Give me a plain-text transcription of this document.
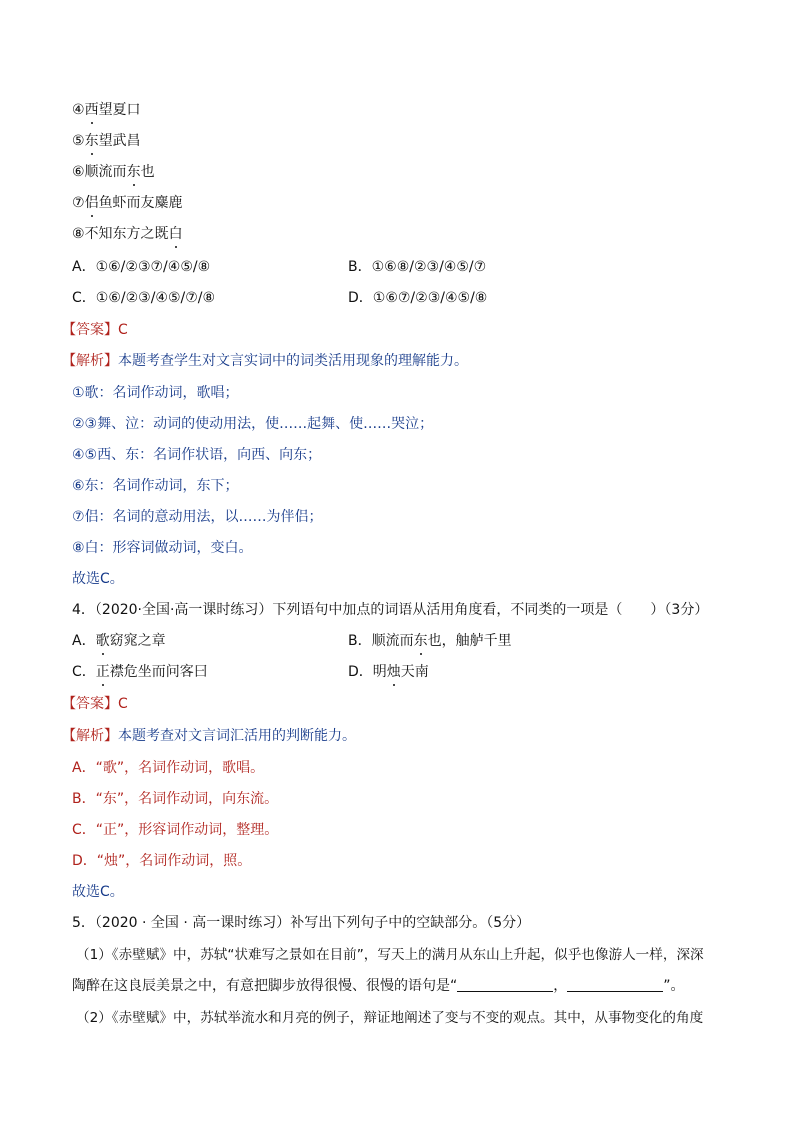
④西望夏口
⑤东望武昌
⑥顺流而东也
⑦侣鱼虾而友麋鹿
⑧不知东方之既白
A．①⑥/②③⑦/④⑤/⑧	B．①⑥⑧/②③/④⑤/⑦
C．①⑥/②③/④⑤/⑦/⑧	D．①⑥⑦/②③/④⑤/⑧
【答案】C
【解析】本题考查学生对文言实词中的词类活用现象的理解能力。
①歌：名词作动词，歌唱；
②③舞、泣：动词的使动用法，使……起舞、使……哭泣；
④⑤西、东：名词作状语，向西、向东；
⑥东：名词作动词，东下；
⑦侣：名词的意动用法，以……为伴侣；
⑧白：形容词做动词，变白。
故选C。
4．（2020·全国·高一课时练习）下列语句中加点的词语从活用角度看，不同类的一项是（　　）（3分）
A．歌窈窕之章	B．顺流而东也，舳舻千里
C．正襟危坐而问客曰	D．明烛天南
【答案】C
【解析】本题考查对文言词汇活用的判断能力。
A．“歌”，名词作动词，歌唱。
B．“东”，名词作动词，向东流。
C．“正”，形容词作动词，整理。
D．“烛”，名词作动词，照。
故选C。
5．（2020 · 全国 · 高一课时练习）补写出下列句子中的空缺部分。（5分）
（1）《赤壁赋》中，苏轼“状难写之景如在目前”，写天上的满月从东山上升起，似乎也像游人一样，深深
陶醉在这良辰美景之中，有意把脚步放得很慢、很慢的语句是“	，	”。
（2）《赤壁赋》中，苏轼举流水和月亮的例子，辩证地阐述了变与不变的观点。其中，从事物变化的角度
